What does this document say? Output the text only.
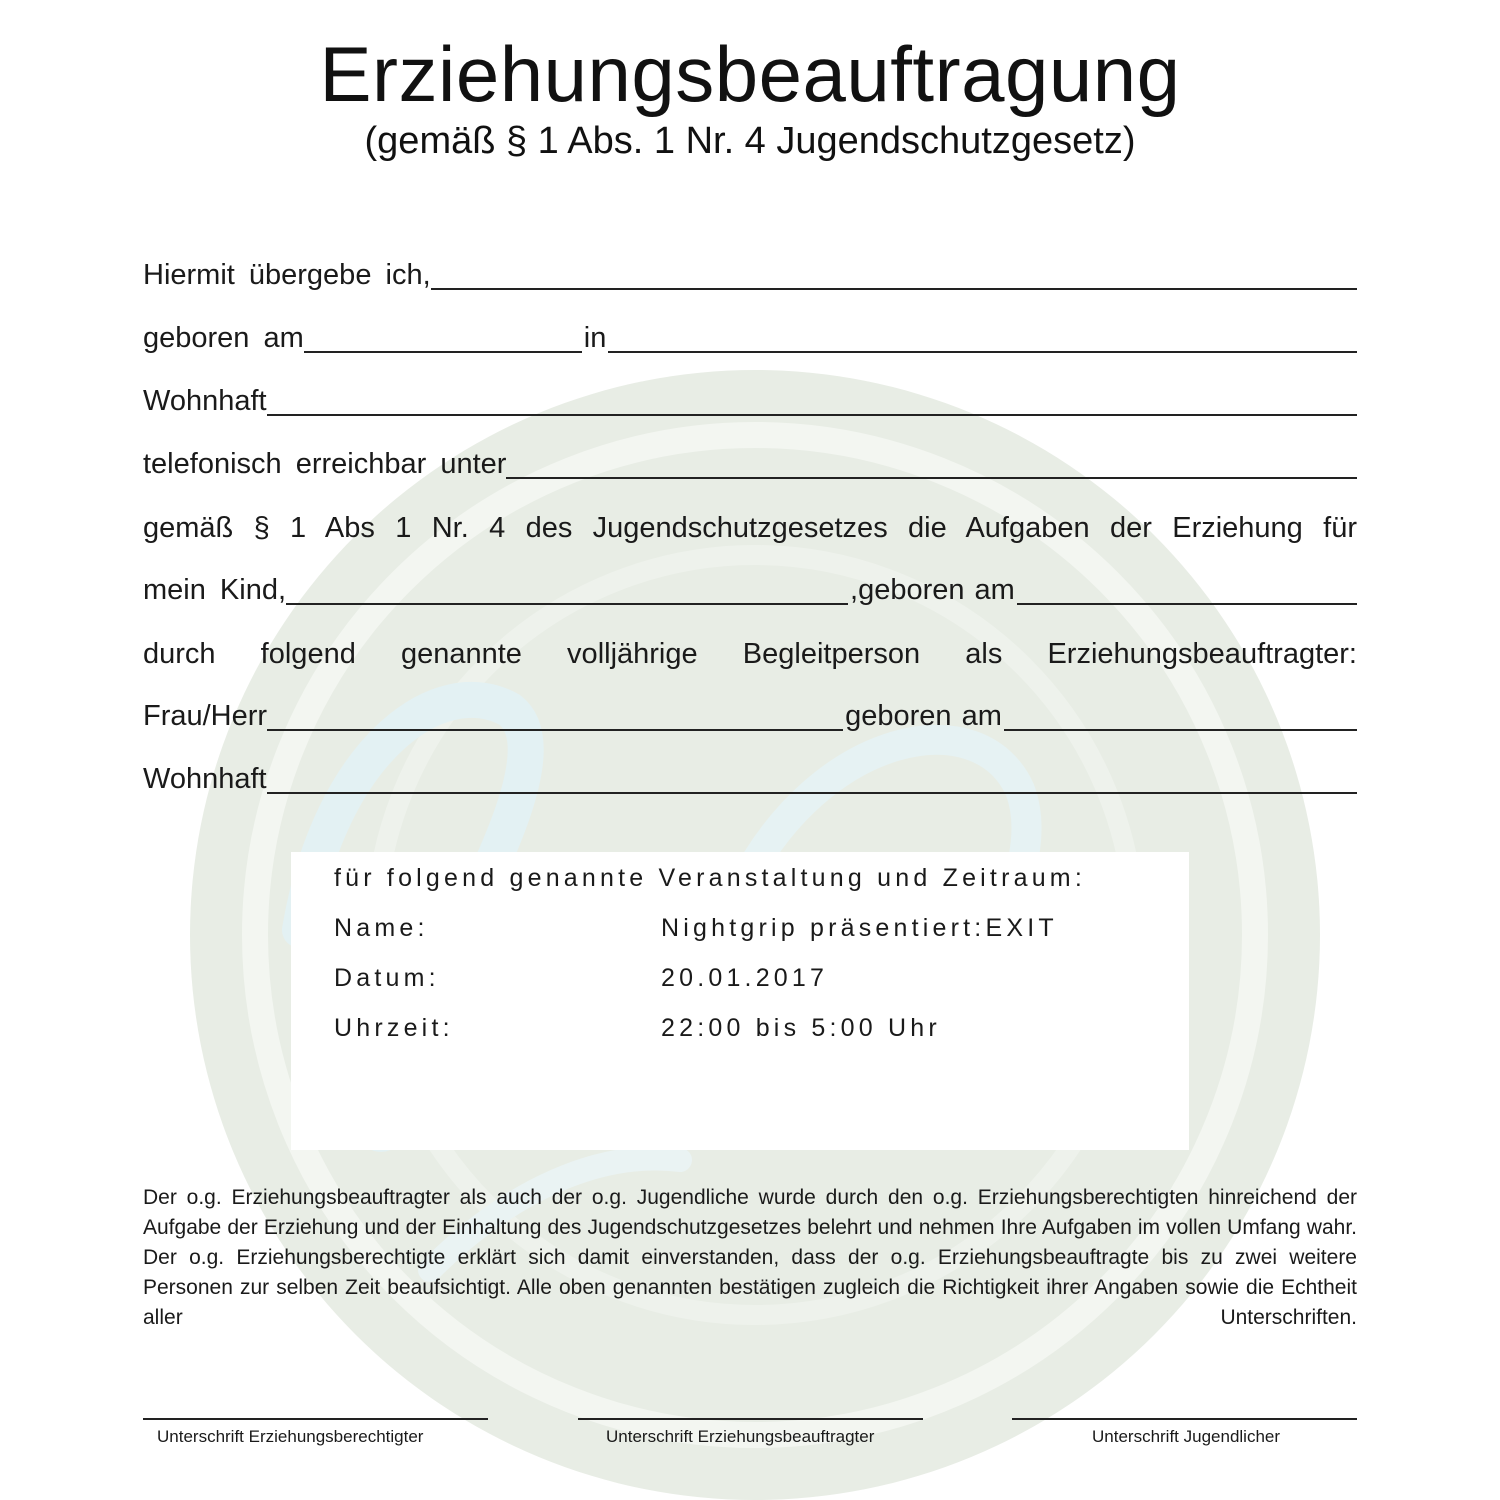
Erziehungsbeauftragung
(gemäß § 1 Abs. 1 Nr. 4 Jugendschutzgesetz)
Hiermit übergebe ich,
geboren am	in
Wohnhaft
telefonisch erreichbar unter
gemäß § 1 Abs 1 Nr. 4 des Jugendschutzgesetzes die Aufgaben der Erziehung für
mein Kind,	,geboren am
durch folgend genannte volljährige Begleitperson als Erziehungsbeauftragter:
Frau/Herr	geboren am
Wohnhaft
für folgend genannte Veranstaltung und Zeitraum:
Name:	Nightgrip präsentiert:EXIT
Datum:	20.01.2017
Uhrzeit:	22:00 bis 5:00 Uhr
Der o.g. Erziehungsbeauftragter als auch der o.g. Jugendliche wurde durch den o.g. Erziehungsberechtigten hinreichend der Aufgabe der Erziehung und der Einhaltung des Jugendschutzgesetzes belehrt und nehmen Ihre Aufgaben im vollen Umfang wahr. Der o.g. Erziehungsberechtigte erklärt sich damit einverstanden, dass der o.g. Erziehungsbeauftragte bis zu zwei weitere Personen zur selben Zeit beaufsichtigt. Alle oben genannten bestätigen zugleich die Richtigkeit ihrer Angaben sowie die Echtheit aller Unterschriften.
Unterschrift Erziehungsberechtigter	Unterschrift Erziehungsbeauftragter	Unterschrift Jugendlicher
